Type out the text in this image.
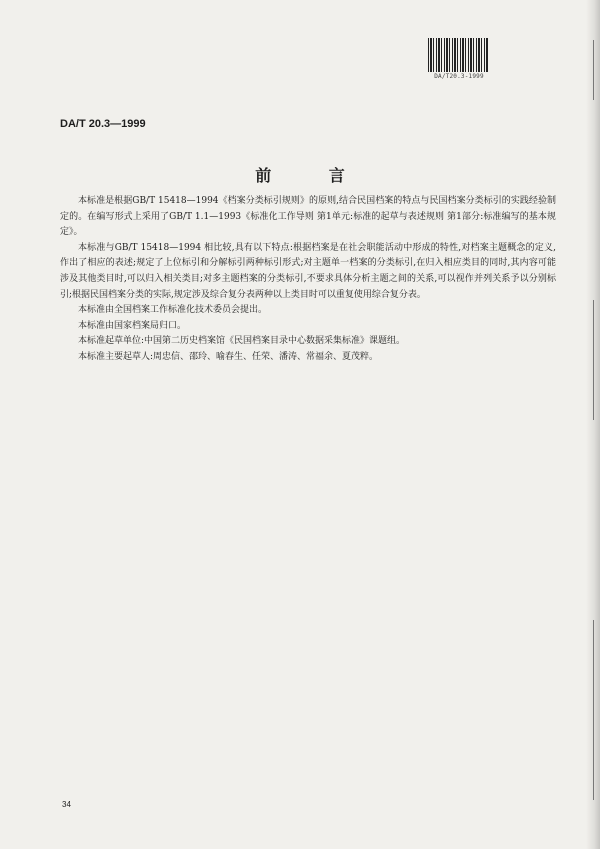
DA/T20.3-1999
DA/T 20.3—1999
前 言

本标准是根据GB/T 15418—1994《档案分类标引规则》的原则,结合民国档案的特点与民国档案分类标引的实践经验制定的。在编写形式上采用了GB/T 1.1—1993《标准化工作导则 第1单元:标准的起草与表述规则 第1部分:标准编写的基本规定》。

本标准与GB/T 15418—1994 相比较,具有以下特点:根据档案是在社会职能活动中形成的特性,对档案主题概念的定义,作出了相应的表述;规定了上位标引和分解标引两种标引形式;对主题单一档案的分类标引,在归入相应类目的同时,其内容可能涉及其他类目时,可以归入相关类目;对多主题档案的分类标引,不要求具体分析主题之间的关系,可以视作并列关系予以分别标引;根据民国档案分类的实际,规定涉及综合复分表两种以上类目时可以重复使用综合复分表。

本标准由全国档案工作标准化技术委员会提出。

本标准由国家档案局归口。

本标准起草单位:中国第二历史档案馆《民国档案目录中心数据采集标准》课题组。

本标准主要起草人:周忠信、邵玲、喻春生、任荣、潘涛、常福余、夏茂粹。

34
